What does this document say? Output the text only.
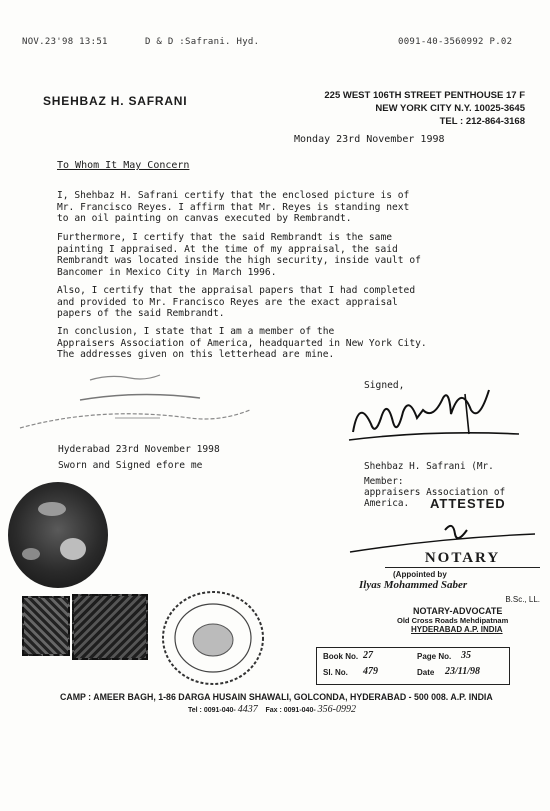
NOV.23'98 13:51	D & D :Safrani. Hyd.	0091-40-3560992 P.02
SHEHBAZ H. SAFRANI	225 WEST 106TH STREET PENTHOUSE 17 F
NEW YORK CITY N.Y. 10025-3645
TEL : 212-864-3168
Monday 23rd November 1998
To Whom It May Concern
I, Shehbaz H. Safrani certify that the enclosed picture is of
Mr. Francisco Reyes. I affirm that Mr. Reyes is standing next
to an oil painting on canvas executed by Rembrandt.
Furthermore, I certify that the said Rembrandt is the same
painting I appraised. At the time of my appraisal, the said
Rembrandt was located inside the high security, inside vault of
Bancomer in Mexico City in March 1996.
Also, I certify that the appraisal papers that I had completed
and provided to Mr. Francisco Reyes are the exact appraisal
papers of the said Rembrandt.
In conclusion, I state that I am a member of the
Appraisers Association of America, headquarted in New York City.
The addresses given on this letterhead are mine.
Signed,
Hyderabad 23rd November 1998
Sworn and Signed efore me	Shehbaz H. Safrani (Mr.
Member:
appraisers Association of
America. ATTESTED
NOTARY
(Appointed by
Ilyas Mohammed Saber
B.Sc., LL.
NOTARY-ADVOCATE
Old Cross Roads Mehdipatnam
HYDERABAD A.P. INDIA
Book No. 27	Page No. 35
Sl. No. 479	Date 23/11/98
CAMP : AMEER BAGH, 1-86 DARGA HUSAIN SHAWALI, GOLCONDA, HYDERABAD - 500 008. A.P. INDIA
Tel : 0091-040- 4437 Fax : 0091-040- 356-0992
